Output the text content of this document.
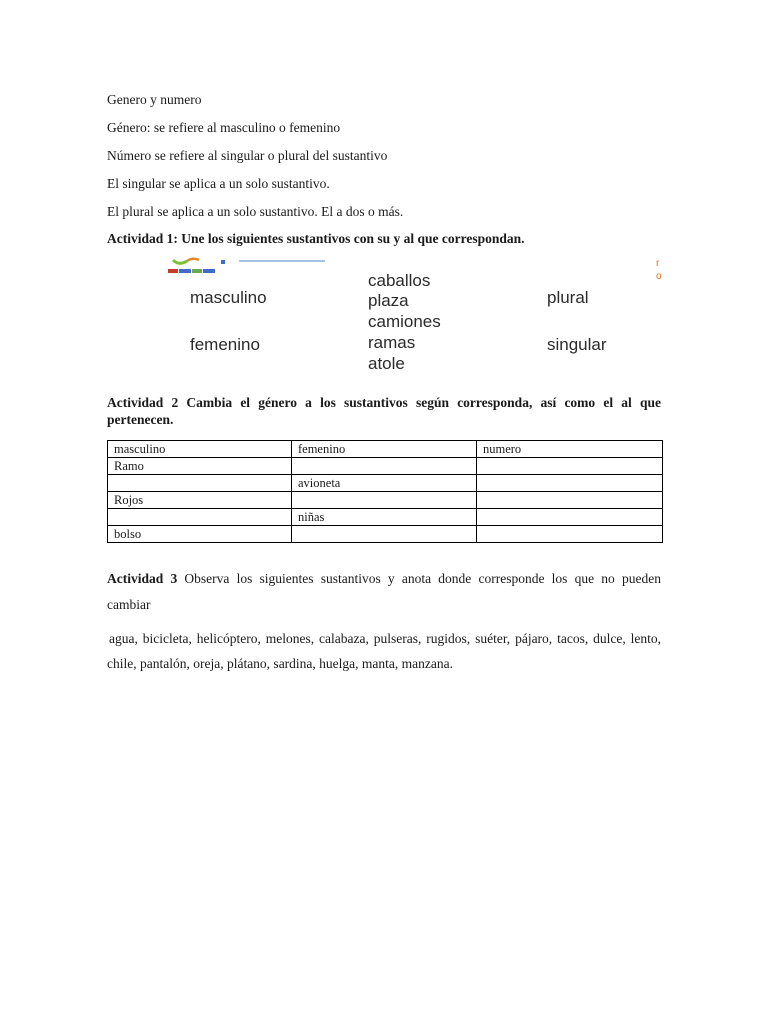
Genero y numero
Género: se refiere al masculino o femenino
Número se refiere al singular o plural del sustantivo
El singular se aplica a un solo sustantivo.
El plural se aplica a un solo sustantivo. El a dos o más.
Actividad 1: Une los siguientes sustantivos con su y al que correspondan.
masculino
femenino
caballos
plaza
camiones
ramas
atole
plural
singular
r
o
Actividad 2 Cambia el género a los sustantivos según corresponda, así como el al que
pertenecen.
masculino	femenino	numero
Ramo		
	avioneta	
Rojos		
	niñas	
bolso		
Actividad 3 Observa los siguientes sustantivos y anota donde corresponde los que no pueden
cambiar
agua, bicicleta, helicóptero, melones, calabaza, pulseras, rugidos, suéter, pájaro, tacos, dulce, lento,
chile, pantalón, oreja, plátano, sardina, huelga, manta, manzana.
